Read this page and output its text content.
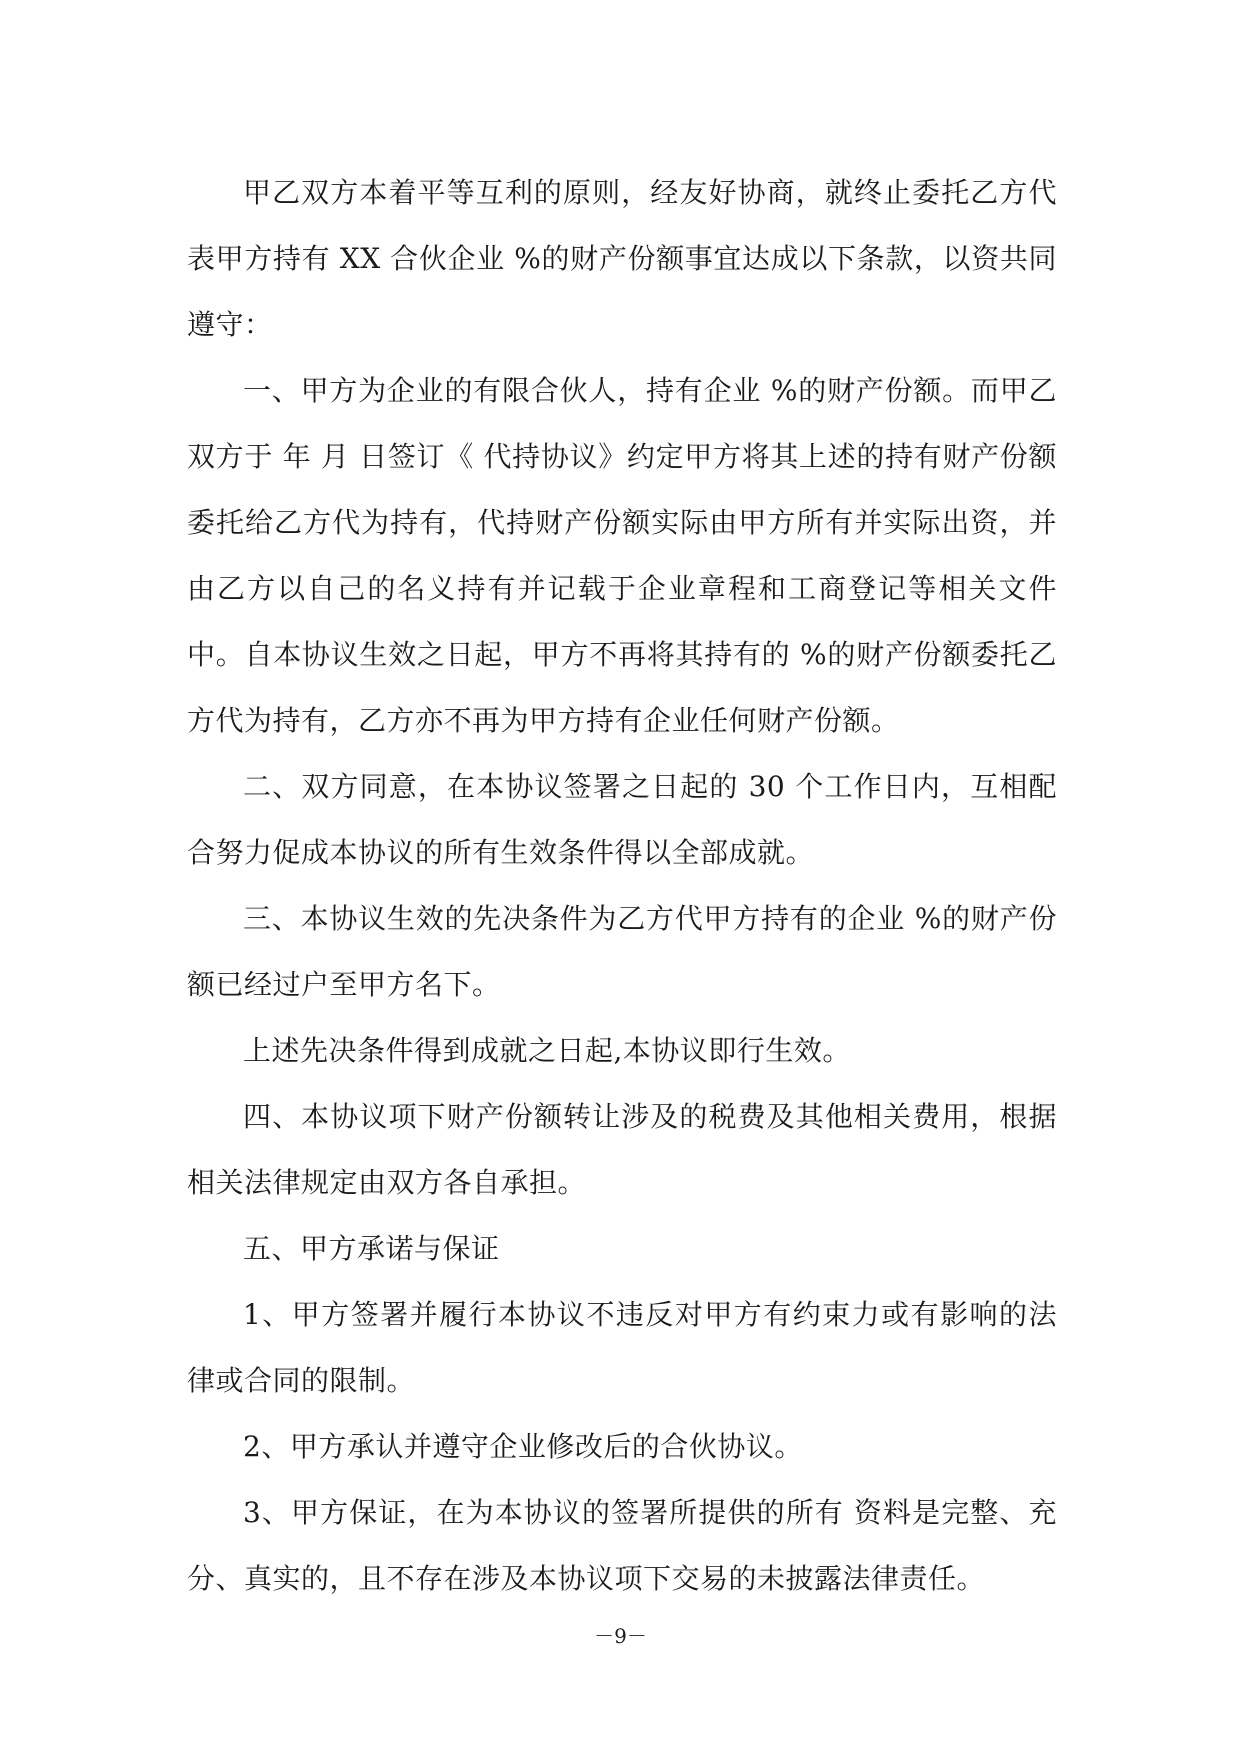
甲乙双方本着平等互利的原则，经友好协商，就终止委托乙方代表甲方持有 XX 合伙企业 %的财产份额事宜达成以下条款，以资共同遵守：

一、甲方为企业的有限合伙人，持有企业 %的财产份额。而甲乙双方于 年 月 日签订《 代持协议》约定甲方将其上述的持有财产份额委托给乙方代为持有，代持财产份额实际由甲方所有并实际出资，并由乙方以自己的名义持有并记载于企业章程和工商登记等相关文件中。自本协议生效之日起，甲方不再将其持有的 %的财产份额委托乙方代为持有，乙方亦不再为甲方持有企业任何财产份额。

二、双方同意，在本协议签署之日起的 30 个工作日内，互相配合努力促成本协议的所有生效条件得以全部成就。

三、本协议生效的先决条件为乙方代甲方持有的企业 %的财产份额已经过户至甲方名下。

上述先决条件得到成就之日起,本协议即行生效。

四、本协议项下财产份额转让涉及的税费及其他相关费用，根据相关法律规定由双方各自承担。

五、甲方承诺与保证

1、甲方签署并履行本协议不违反对甲方有约束力或有影响的法律或合同的限制。

2、甲方承认并遵守企业修改后的合伙协议。

3、甲方保证，在为本协议的签署所提供的所有 资料是完整、充分、真实的，且不存在涉及本协议项下交易的未披露法律责任。

－9－
